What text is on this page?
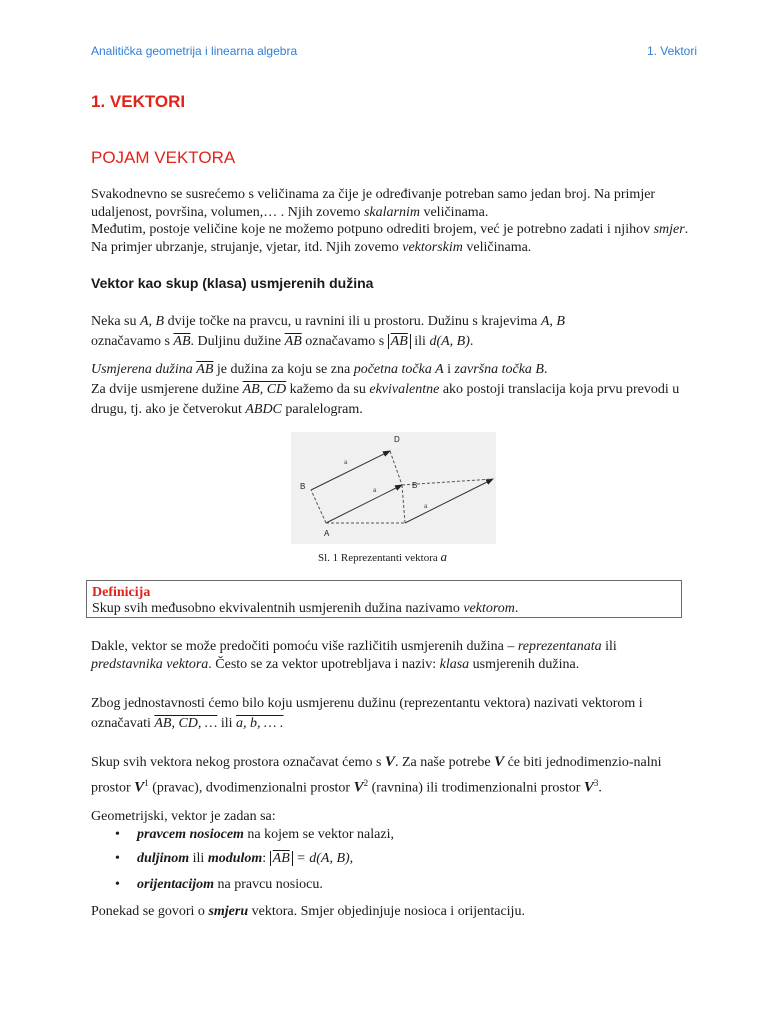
Analitička geometrija i linearna algebra	1. Vektori
1. VEKTORI
POJAM VEKTORA
Svakodnevno se susrećemo s veličinama za čije je određivanje potreban samo jedan broj. Na primjer udaljenost, površina, volumen,… . Njih zovemo skalarnim veličinama.
Međutim, postoje veličine koje ne možemo potpuno odrediti brojem, već je potrebno zadati i njihov smjer. Na primjer ubrzanje, strujanje, vjetar, itd. Njih zovemo vektorskim veličinama.
Vektor kao skup (klasa) usmjerenih dužina
Neka su A, B dvije točke na pravcu, u ravnini ili u prostoru. Dužinu s krajevima A, B
označavamo s $\overline{AB}$. Duljinu dužine $\overline{AB}$ označavamo s $\overline{AB}$ ili d(A, B).
Usmjerena dužina $\overline{AB}$ je dužina za koju se zna početna točka A i završna točka B.
Za dvije usmjerene dužine AB, CD kažemo da su ekvivalentne ako postoji translacija koja prvu prevodi u drugu, tj. ako je četverokut ABDC paralelogram.
D
B	B
A
a
a
a
Sl. 1 Reprezentanti vektora a
Definicija
Skup svih međusobno ekvivalentnih usmjerenih dužina nazivamo vektorom.
Dakle, vektor se može predočiti pomoću više različitih usmjerenih dužina – reprezentanata ili
predstavnika vektora. Često se za vektor upotrebljava i naziv: klasa usmjerenih dužina.
Zbog jednostavnosti ćemo bilo koju usmjerenu dužinu (reprezentantu vektora) nazivati vektorom i označavati AB, CD, … ili a, b, … .
Skup svih vektora nekog prostora označavat ćemo s V. Za naše potrebe V će biti jednodimenzio-nalni prostor $V^1$ (pravac), dvodimenzionalni prostor $V^2$ (ravnina) ili trodimenzionalni prostor $V^3$.
Geometrijski, vektor je zadan sa:
• pravcem nosiocem na kojem se vektor nalazi,
• duljinom ili modulom: $\overline{AB} = d(A$, B),
• orijentacijom na pravcu nosiocu.
Ponekad se govori o smjeru vektora. Smjer objedinjuje nosioca i orijentaciju.
